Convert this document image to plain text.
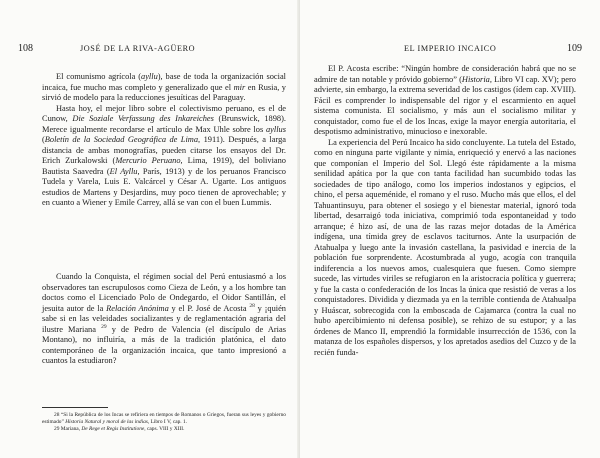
108	JOSÉ DE LA RIVA-AGÜERO

El comunismo agrícola (ayllu), base de toda la organización social incaica, fue mucho mas completo y generalizado que el mir en Rusia, y sirvió de modelo para la reducciones jesuíticas del Paraguay.

Hasta hoy, el mejor libro sobre el colectivismo peruano, es el de Cunow, Die Soziale Verfassung des Inkareiches (Brunswick, 1898). Merece igualmente recordarse el artículo de Max Uhle sobre los ayllus (Boletín de la Sociedad Geográfica de Lima, 1911). Después, a larga distancia de ambas monografías, pueden citarse los ensayos del Dr. Erich Zurkalowski (Mercurio Peruano, Lima, 1919), del boliviano Bautista Saavedra (El Ayllu, París, 1913) y de los peruanos Francisco Tudela y Varela, Luis E. Valcárcel y César A. Ugarte. Los antiguos estudios de Martens y Desjardins, muy poco tienen de aprovechable; y en cuanto a Wiener y Emile Carrey, allá se van con el buen Lummis.

Cuando la Conquista, el régimen social del Perú entusiasmó a los observadores tan escrupulosos como Cieza de León, y a los hombre tan doctos como el Licenciado Polo de Ondegardo, el Oidor Santillán, el jesuita autor de la Relación Anónima y el P. José de Acosta $^{28}$ y ¡quién sabe si en las veleidades socializantes y de reglamentación agraria del ilustre Mariana $^{29}$ y de Pedro de Valencia (el discípulo de Arias Montano), no influiría, a más de la tradición platónica, el dato contemporáneo de la organización incaica, que tanto impresionó a cuantos la estudiaron?

28 “Si la República de los Incas se refiriera en tiempos de Romanos o Griegos, fueran sus leyes y gobierno estimado” Historia Natural y moral de las indias, Libro I V, cap. 1.

29 Mariana, De Rege et Regis Institutione, caps. VIII y XIII.

EL IMPERIO INCAICO	109

El P. Acosta escribe: “Ningún hombre de consideración habrá que no se admire de tan notable y próvido gobierno” (Historia, Libro VI cap. XV); pero advierte, sin embargo, la extrema severidad de los castigos (ídem cap. XVIII). Fácil es comprender lo indispensable del rigor y el escarmiento en aquel sistema comunista. El socialismo, y más aun el socialismo militar y conquistador, como fue el de los Incas, exige la mayor energía autoritaria, el despotismo administrativo, minucioso e inexorable.

La experiencia del Perú Incaico ha sido concluyente. La tutela del Estado, como en ninguna parte vigilante y nimia, enriqueció y enervó a las naciones que componían el Imperio del Sol. Llegó éste rápidamente a la misma senilidad apática por la que con tanta facilidad han sucumbido todas las sociedades de tipo análogo, como los imperios indostanos y egipcios, el chino, el persa aqueménide, el romano y el ruso. Mucho más que ellos, el del Tahuantinsuyu, para obtener el sosiego y el bienestar material, ignoró toda libertad, desarraigó toda iniciativa, comprimió toda espontaneidad y todo arranque; é hizo así, de una de las razas mejor dotadas de la América indígena, una tímida grey de esclavos taciturnos. Ante la usurpación de Atahualpa y luego ante la invasión castellana, la pasividad e inercia de la población fue sorprendente. Acostumbrada al yugo, acogía con tranquila indiferencia a los nuevos amos, cualesquiera que fuesen. Como siempre sucede, las virtudes viriles se refugiaron en la aristocracia política y guerrera; y fue la casta o confederación de los Incas la única que resistió de veras a los conquistadores. Dividida y diezmada ya en la terrible contienda de Atahualpa y Huáscar, sobrecogida con la emboscada de Cajamarca (contra la cual no hubo apercibimiento ni defensa posible), se rehizo de su estupor; y a las órdenes de Manco II, emprendió la formidable insurrección de 1536, con la matanza de los españoles dispersos, y los apretados asedios del Cuzco y de la recién funda-
